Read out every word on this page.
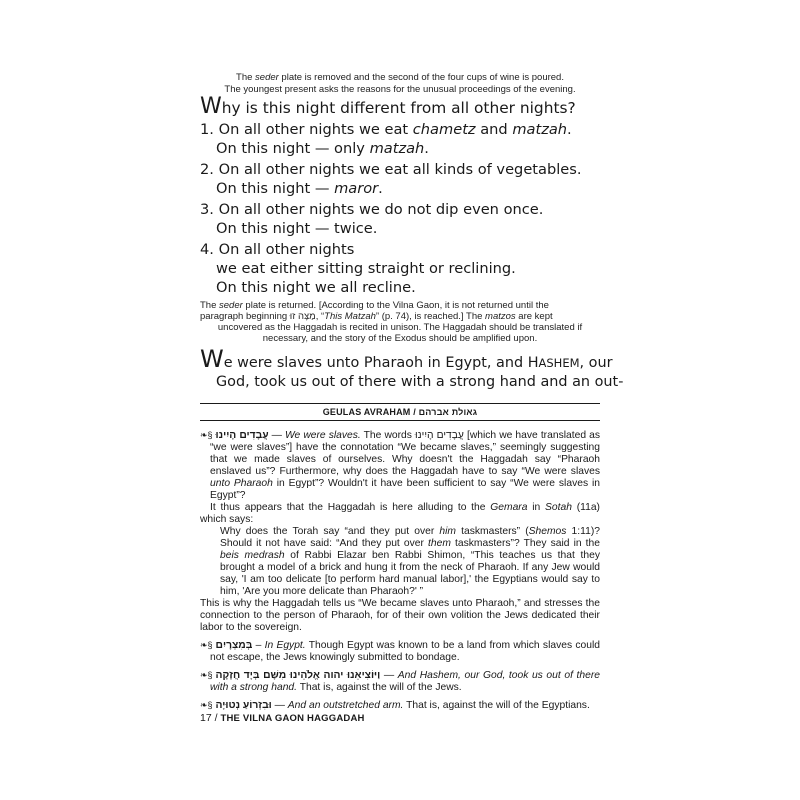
The seder plate is removed and the second of the four cups of wine is poured.
The youngest present asks the reasons for the unusual proceedings of the evening.
Why is this night different from all other nights?
1. On all other nights we eat chametz and matzah.
On this night — only matzah.
2. On all other nights we eat all kinds of vegetables.
On this night — maror.
3. On all other nights we do not dip even once.
On this night — twice.
4. On all other nights
we eat either sitting straight or reclining.
On this night we all recline.
The seder plate is returned. [According to the Vilna Gaon, it is not returned until the
paragraph beginning מַצָּה זוּ, “This Matzah” (p. 74), is reached.] The matzos are kept
uncovered as the Haggadah is recited in unison. The Haggadah should be translated if
necessary, and the story of the Exodus should be amplified upon.
We were slaves unto Pharaoh in Egypt, and HASHEM, our
God, took us out of there with a strong hand and an out-
GEULAS AVRAHAM / גאולת אברהם

❧§ עֲבָדִים הָיִינוּ — We were slaves. The words עֲבָדִים הָיִינוּ [which we have translated as “we were slaves”] have the connotation “We became slaves,” seemingly suggesting that we made slaves of ourselves. Why doesn't the Haggadah say “Pharaoh enslaved us”? Furthermore, why does the Haggadah have to say “We were slaves unto Pharaoh in Egypt”? Wouldn't it have been sufficient to say “We were slaves in Egypt”?

It thus appears that the Haggadah is here alluding to the Gemara in Sotah (11a) which says:

Why does the Torah say “and they put over him taskmasters” (Shemos 1:11)? Should it not have said: “And they put over them taskmasters”? They said in the beis medrash of Rabbi Elazar ben Rabbi Shimon, “This teaches us that they brought a model of a brick and hung it from the neck of Pharaoh. If any Jew would say, 'I am too delicate [to perform hard manual labor],' the Egyptians would say to him, 'Are you more delicate than Pharaoh?' ”

This is why the Haggadah tells us “We became slaves unto Pharaoh,” and stresses the connection to the person of Pharaoh, for of their own volition the Jews dedicated their labor to the sovereign.

❧§ בְּמִצְרָיִם – In Egypt. Though Egypt was known to be a land from which slaves could not escape, the Jews knowingly submitted to bondage.

❧§ וַיּוֹצִיאֵנוּ יהוה אֱלֹהֵינוּ מִשָּׁם בְּיָד חֲזָקָה — And Hashem, our God, took us out of there with a strong hand. That is, against the will of the Jews.

❧§ וּבִזְרוֹעַ נְטוּיָה — And an outstretched arm. That is, against the will of the Egyptians.

17 / THE VILNA GAON HAGGADAH
